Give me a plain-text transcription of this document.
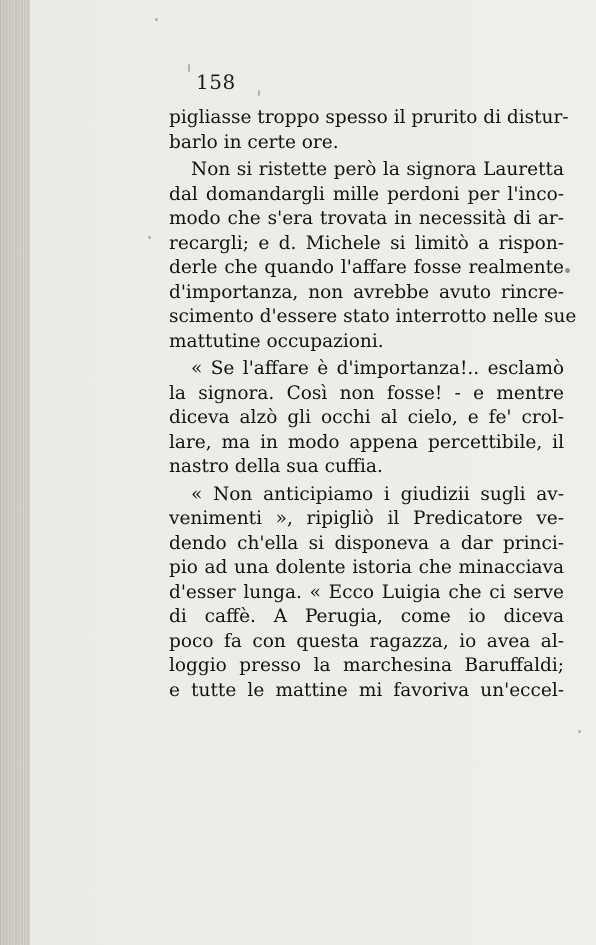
158
pigliasse troppo spesso il prurito di distur-
barlo in certe ore.
Non si ristette però la signora Lauretta
dal domandargli mille perdoni per l'inco-
modo che s'era trovata in necessità di ar-
recargli; e d. Michele si limitò a rispon-
derle che quando l'affare fosse realmente
d'importanza, non avrebbe avuto rincre-
scimento d'essere stato interrotto nelle sue
mattutine occupazioni.
« Se l'affare è d'importanza!.. esclamò
la signora. Così non fosse! - e mentre
diceva alzò gli occhi al cielo, e fe' crol-
lare, ma in modo appena percettibile, il
nastro della sua cuffia.
« Non anticipiamo i giudizii sugli av-
venimenti », ripigliò il Predicatore ve-
dendo ch'ella si disponeva a dar princi-
pio ad una dolente istoria che minacciava
d'esser lunga. « Ecco Luigia che ci serve
di caffè. A Perugia, come io diceva
poco fa con questa ragazza, io avea al-
loggio presso la marchesina Baruffaldi;
e tutte le mattine mi favoriva un'eccel-
